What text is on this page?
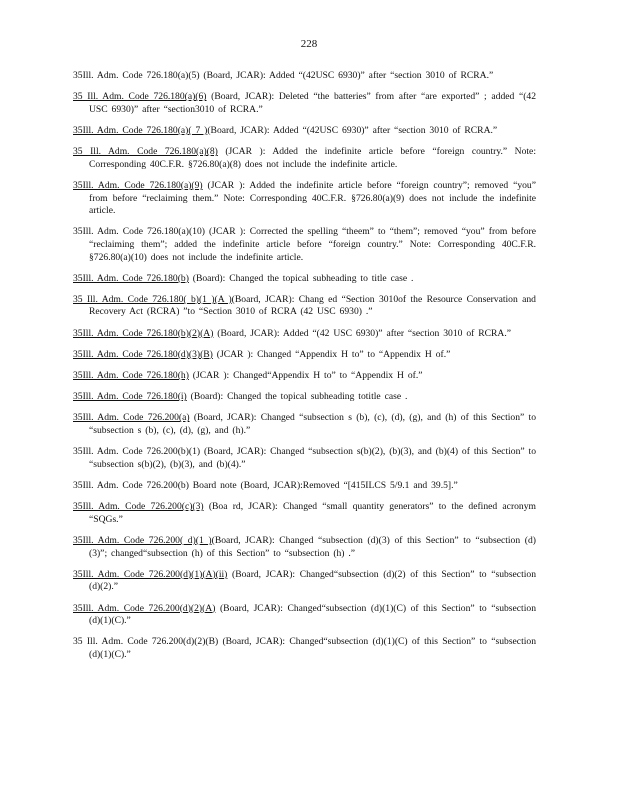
228

35Ill. Adm. Code 726.180(a)(5) (Board, JCAR): Added “(42USC 6930)” after “section 3010 of RCRA.”

35 Ill. Adm. Code 726.180(a)(6) (Board, JCAR): Deleted “the batteries” from after “are exported” ; added “(42 USC 6930)” after “section3010 of RCRA.”

35Ill. Adm. Code 726.180(a)( 7 )(Board, JCAR): Added “(42USC 6930)” after “section 3010 of RCRA.”

35 Ill. Adm. Code 726.180(a)(8) (JCAR ): Added the indefinite article before “foreign country.” Note: Corresponding 40C.F.R. §726.80(a)(8) does not include the indefinite article.

35Ill. Adm. Code 726.180(a)(9) (JCAR ): Added the indefinite article before “foreign country”; removed “you” from before “reclaiming them.” Note: Corresponding 40C.F.R. §726.80(a)(9) does not include the indefinite article.

35Ill. Adm. Code 726.180(a)(10) (JCAR ): Corrected the spelling “theem” to “them”; removed “you” from before “reclaiming them”; added the indefinite article before “foreign country.” Note: Corresponding 40C.F.R. §726.80(a)(10) does not include the indefinite article.

35Ill. Adm. Code 726.180(b) (Board): Changed the topical subheading to title case .

35 Ill. Adm. Code 726.180( b)(1 )(A )(Board, JCAR): Chang ed “Section 3010of the Resource Conservation and Recovery Act (RCRA) ”to “Section 3010 of RCRA (42 USC 6930) .”

35Ill. Adm. Code 726.180(b)(2)(A) (Board, JCAR): Added “(42 USC 6930)” after “section 3010 of RCRA.”

35Ill. Adm. Code 726.180(d)(3)(B) (JCAR ): Changed “Appendix H to” to “Appendix H of.”

35Ill. Adm. Code 726.180(h) (JCAR ): Changed“Appendix H to” to “Appendix H of.”

35Ill. Adm. Code 726.180(i) (Board): Changed the topical subheading totitle case .

35Ill. Adm. Code 726.200(a) (Board, JCAR): Changed “subsection s (b), (c), (d), (g), and (h) of this Section” to “subsection s (b), (c), (d), (g), and (h).”

35Ill. Adm. Code 726.200(b)(1) (Board, JCAR): Changed “subsection s(b)(2), (b)(3), and (b)(4) of this Section” to “subsection s(b)(2), (b)(3), and (b)(4).”

35Ill. Adm. Code 726.200(b) Board note (Board, JCAR):Removed “[415ILCS 5/9.1 and 39.5].”

35Ill. Adm. Code 726.200(c)(3) (Boa rd, JCAR): Changed “small quantity generators” to the defined acronym “SQGs.”

35Ill. Adm. Code 726.200( d)(1 )(Board, JCAR): Changed “subsection (d)(3) of this Section” to “subsection (d)(3)”; changed“subsection (h) of this Section” to “subsection (h) .”

35Ill. Adm. Code 726.200(d)(1)(A)(ii) (Board, JCAR): Changed“subsection (d)(2) of this Section” to “subsection (d)(2).”

35Ill. Adm. Code 726.200(d)(2)(A) (Board, JCAR): Changed“subsection (d)(1)(C) of this Section” to “subsection (d)(1)(C).”

35 Ill. Adm. Code 726.200(d)(2)(B) (Board, JCAR): Changed“subsection (d)(1)(C) of this Section” to “subsection (d)(1)(C).”
